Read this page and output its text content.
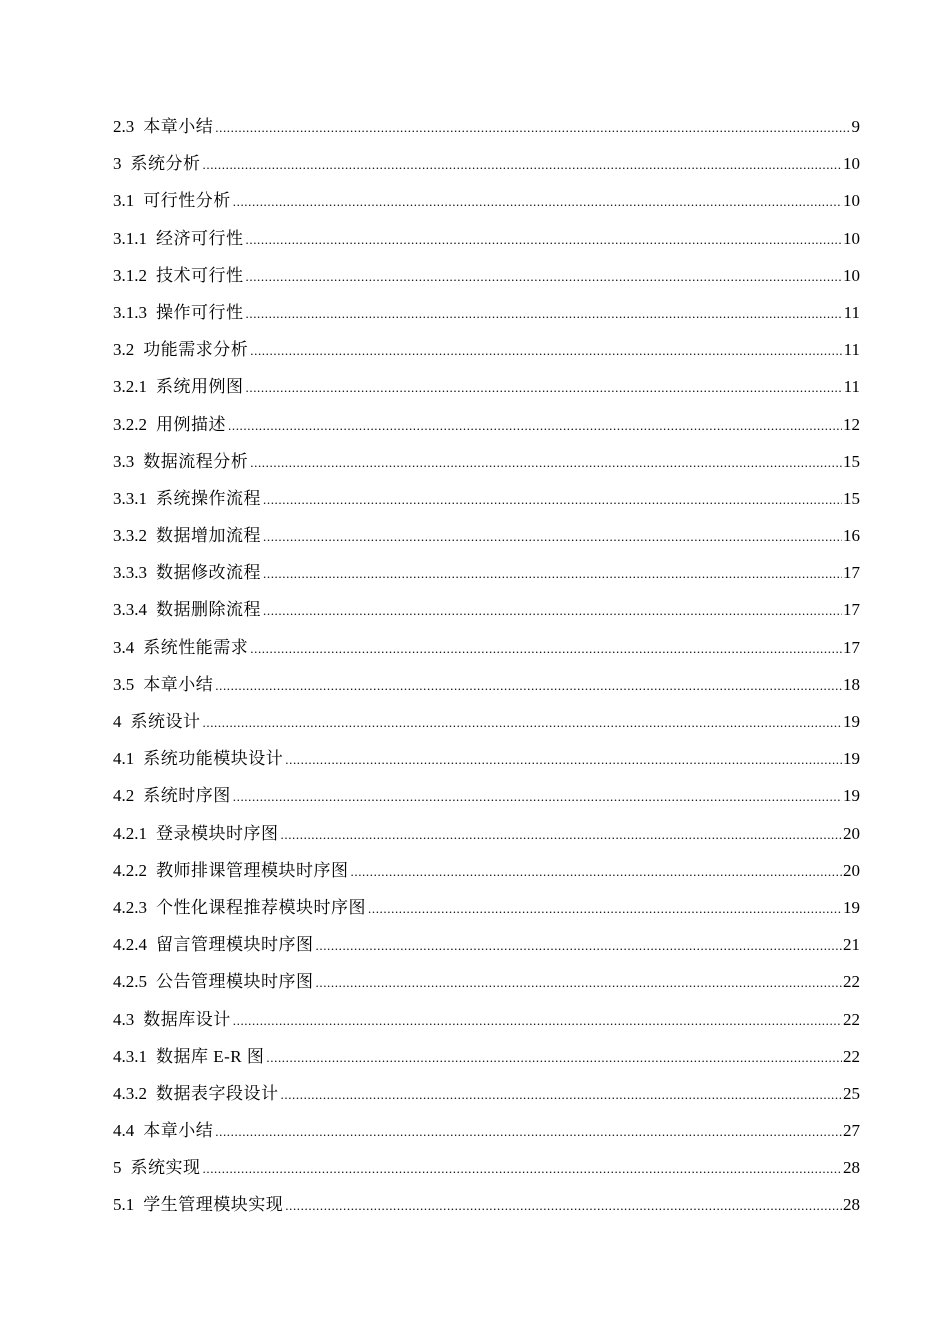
2.3 本章小结 .....	9
3 系统分析 .....	10
3.1 可行性分析 .....	10
3.1.1 经济可行性 .....	10
3.1.2 技术可行性 .....	10
3.1.3 操作可行性 .....	11
3.2 功能需求分析 .....	11
3.2.1 系统用例图 .....	11
3.2.2 用例描述 .....	12
3.3 数据流程分析 .....	15
3.3.1 系统操作流程 .....	15
3.3.2 数据增加流程 .....	16
3.3.3 数据修改流程 .....	17
3.3.4 数据删除流程 .....	17
3.4 系统性能需求 .....	17
3.5 本章小结 .....	18
4 系统设计 .....	19
4.1 系统功能模块设计 .....	19
4.2 系统时序图 .....	19
4.2.1 登录模块时序图 .....	20
4.2.2 教师排课管理模块时序图 .....	20
4.2.3 个性化课程推荐模块时序图 .....	19
4.2.4 留言管理模块时序图 .....	21
4.2.5 公告管理模块时序图 .....	22
4.3 数据库设计 .....	22
4.3.1 数据库 E-R 图 .....	22
4.3.2 数据表字段设计 .....	25
4.4 本章小结 .....	27
5 系统实现 .....	28
5.1 学生管理模块实现 .....	28
